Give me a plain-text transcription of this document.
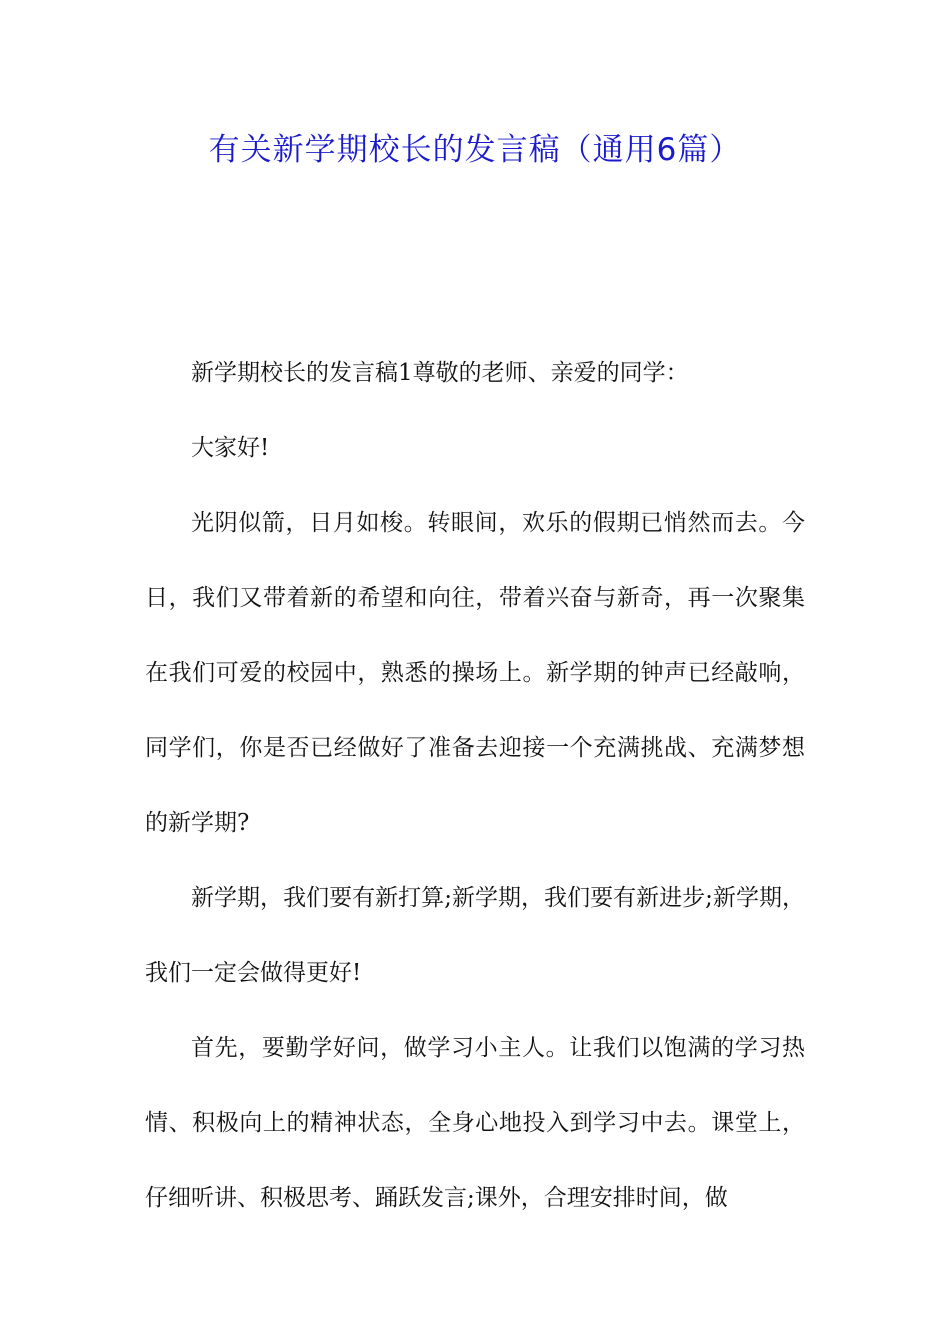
有关新学期校长的发言稿（通用6篇）

新学期校长的发言稿1尊敬的老师、亲爱的同学：

大家好!

光阴似箭，日月如梭。转眼间，欢乐的假期已悄然而去。今日，我们又带着新的希望和向往，带着兴奋与新奇，再一次聚集在我们可爱的校园中，熟悉的操场上。新学期的钟声已经敲响，同学们，你是否已经做好了准备去迎接一个充满挑战、充满梦想的新学期?

新学期，我们要有新打算;新学期，我们要有新进步;新学期，我们一定会做得更好!

首先，要勤学好问，做学习小主人。让我们以饱满的学习热情、积极向上的精神状态，全身心地投入到学习中去。课堂上，仔细听讲、积极思考、踊跃发言;课外，合理安排时间，做
